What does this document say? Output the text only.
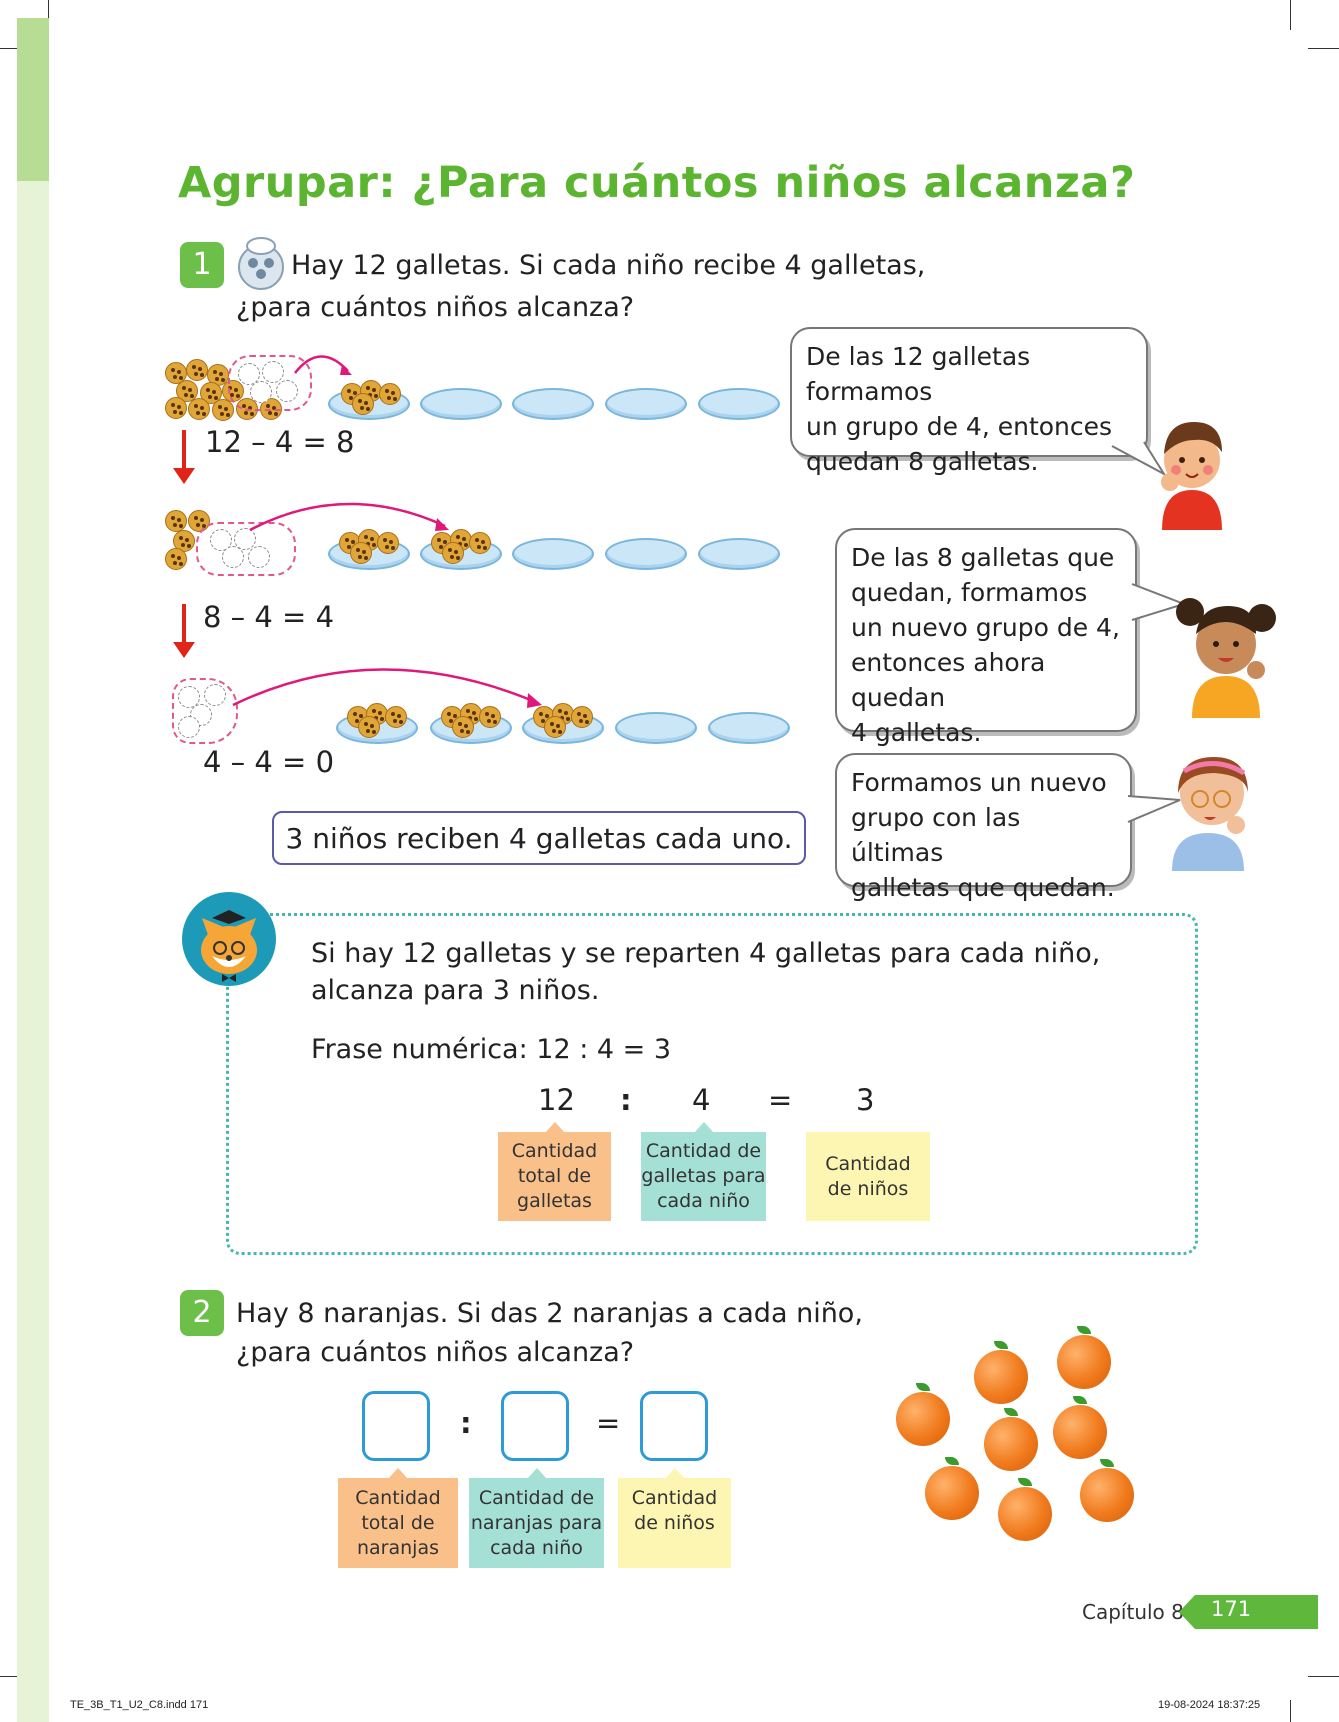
Agrupar: ¿Para cuántos niños alcanza?
1	Hay 12 galletas. Si cada niño recibe 4 galletas,
¿para cuántos niños alcanza?
12 – 4 = 8
8 – 4 = 4
4 – 4 = 0
3 niños reciben 4 galletas cada uno.
De las 12 galletas formamos
un grupo de 4, entonces
quedan 8 galletas.
De las 8 galletas que
quedan, formamos
un nuevo grupo de 4,
entonces ahora quedan
4 galletas.
Formamos un nuevo
grupo con las últimas
galletas que quedan.
Si hay 12 galletas y se reparten 4 galletas para cada niño,
alcanza para 3 niños.
Frase numérica: 12 : 4 = 3
12 : 4 = 3
Cantidad
total de
galletas
Cantidad de
galletas para
cada niño
Cantidad
de niños
2 Hay 8 naranjas. Si das 2 naranjas a cada niño,
¿para cuántos niños alcanza?
:	=
Cantidad
total de
naranjas
Cantidad de
naranjas para
cada niño
Cantidad
de niños
Capítulo 8 171
TE_3B_T1_U2_C8.indd 171	19-08-2024 18:37:25
